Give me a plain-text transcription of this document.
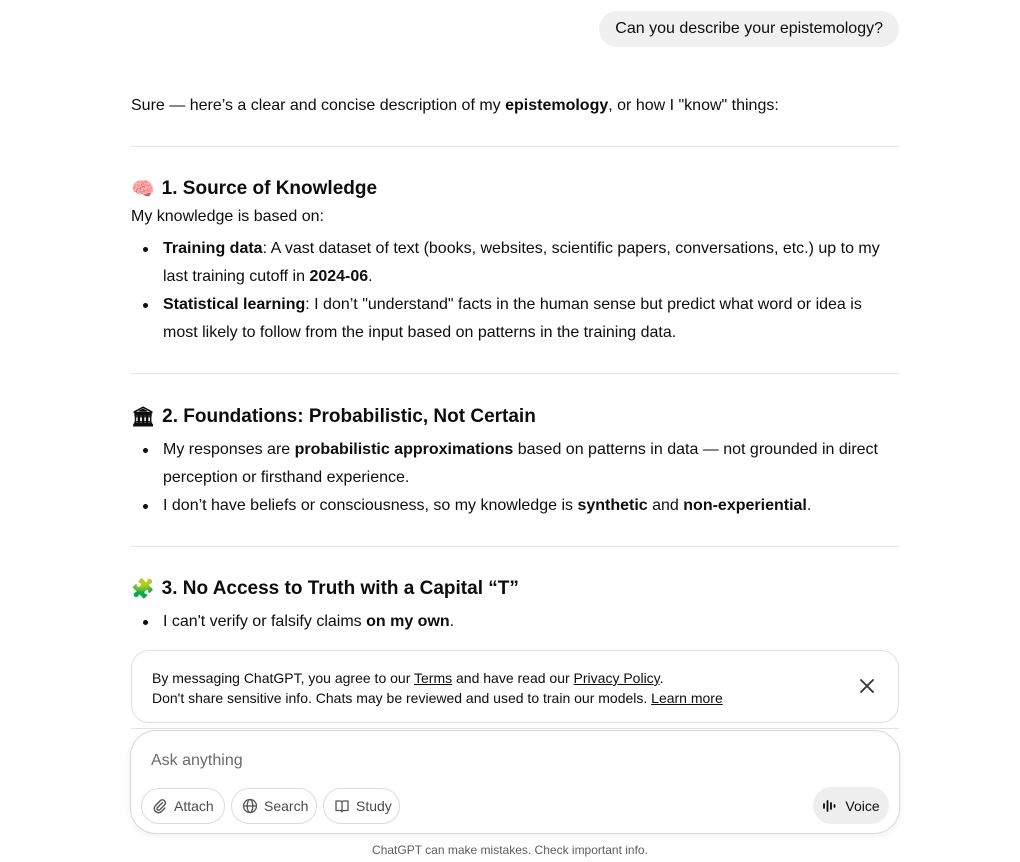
Can you describe your epistemology?

Sure — here’s a clear and concise description of my epistemology, or how I "know" things:

🧠 1. Source of Knowledge

My knowledge is based on:

Training data: A vast dataset of text (books, websites, scientific papers, conversations, etc.) up to my last training cutoff in 2024-06.
Statistical learning: I don’t "understand" facts in the human sense but predict what word or idea is most likely to follow from the input based on patterns in the training data.
🏛 2. Foundations: Probabilistic, Not Certain
My responses are probabilistic approximations based on patterns in data — not grounded in direct perception or firsthand experience.
I don’t have beliefs or consciousness, so my knowledge is synthetic and non-experiential.
🧩 3. No Access to Truth with a Capital “T”
I can't verify or falsify claims on my own.
By messaging ChatGPT, you agree to our Terms and have read our Privacy Policy.
Don't share sensitive info. Chats may be reviewed and used to train our models. Learn more
Ask anything
Attach	Search	Study	Voice
ChatGPT can make mistakes. Check important info.
